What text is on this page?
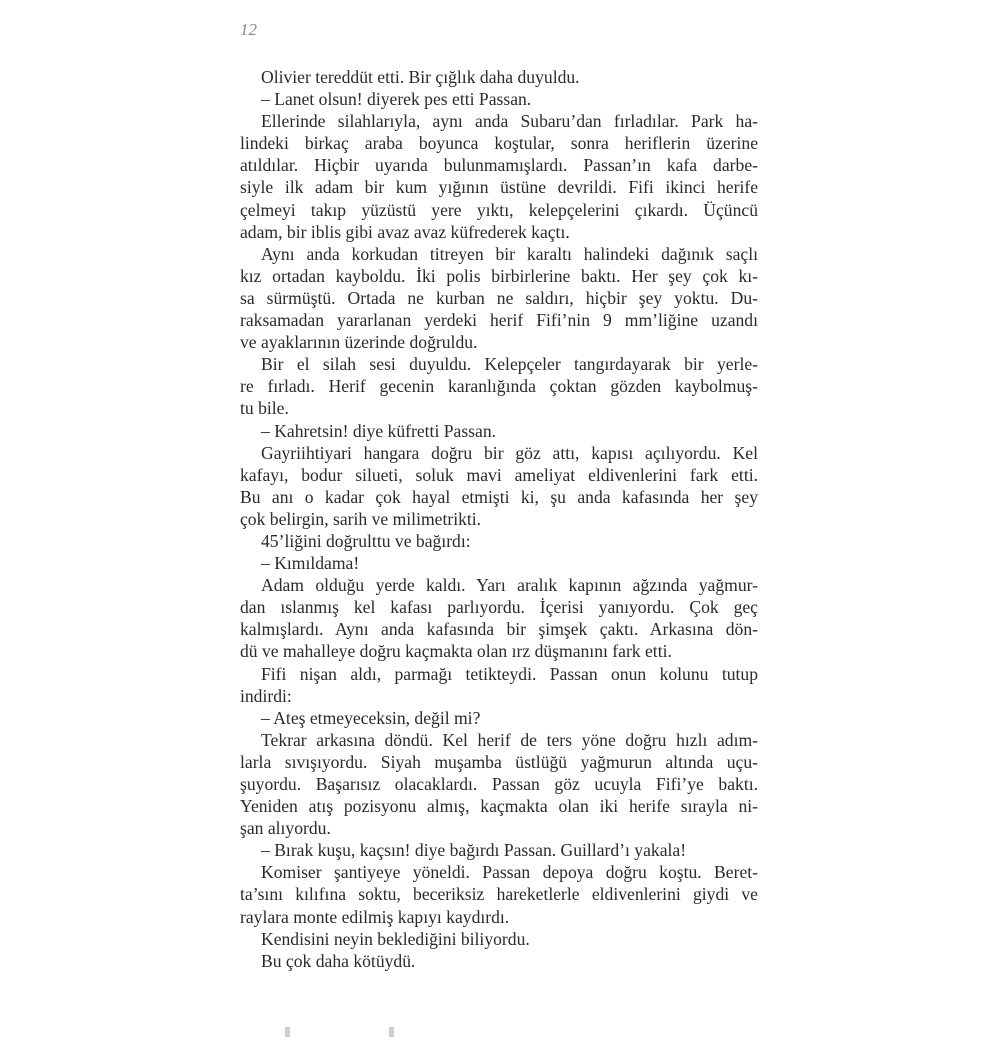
12
Olivier tereddüt etti. Bir çığlık daha duyuldu.
– Lanet olsun! diyerek pes etti Passan.
Ellerinde silahlarıyla, aynı anda Subaru’dan fırladılar. Park ha-
lindeki birkaç araba boyunca koştular, sonra heriflerin üzerine
atıldılar. Hiçbir uyarıda bulunmamışlardı. Passan’ın kafa darbe-
siyle ilk adam bir kum yığının üstüne devrildi. Fifi ikinci herife
çelmeyi takıp yüzüstü yere yıktı, kelepçelerini çıkardı. Üçüncü
adam, bir iblis gibi avaz avaz küfrederek kaçtı.
Aynı anda korkudan titreyen bir karaltı halindeki dağınık saçlı
kız ortadan kayboldu. İki polis birbirlerine baktı. Her şey çok kı-
sa sürmüştü. Ortada ne kurban ne saldırı, hiçbir şey yoktu. Du-
raksamadan yararlanan yerdeki herif Fifi’nin 9 mm’liğine uzandı
ve ayaklarının üzerinde doğruldu.
Bir el silah sesi duyuldu. Kelepçeler tangırdayarak bir yerle-
re fırladı. Herif gecenin karanlığında çoktan gözden kaybolmuş-
tu bile.
– Kahretsin! diye küfretti Passan.
Gayriihtiyari hangara doğru bir göz attı, kapısı açılıyordu. Kel
kafayı, bodur silueti, soluk mavi ameliyat eldivenlerini fark etti.
Bu anı o kadar çok hayal etmişti ki, şu anda kafasında her şey
çok belirgin, sarih ve milimetrikti.
45’liğini doğrulttu ve bağırdı:
– Kımıldama!
Adam olduğu yerde kaldı. Yarı aralık kapının ağzında yağmur-
dan ıslanmış kel kafası parlıyordu. İçerisi yanıyordu. Çok geç
kalmışlardı. Aynı anda kafasında bir şimşek çaktı. Arkasına dön-
dü ve mahalleye doğru kaçmakta olan ırz düşmanını fark etti.
Fifi nişan aldı, parmağı tetikteydi. Passan onun kolunu tutup
indirdi:
– Ateş etmeyeceksin, değil mi?
Tekrar arkasına döndü. Kel herif de ters yöne doğru hızlı adım-
larla sıvışıyordu. Siyah muşamba üstlüğü yağmurun altında uçu-
şuyordu. Başarısız olacaklardı. Passan göz ucuyla Fifi’ye baktı.
Yeniden atış pozisyonu almış, kaçmakta olan iki herife sırayla ni-
şan alıyordu.
– Bırak kuşu, kaçsın! diye bağırdı Passan. Guillard’ı yakala!
Komiser şantiyeye yöneldi. Passan depoya doğru koştu. Beret-
ta’sını kılıfına soktu, beceriksiz hareketlerle eldivenlerini giydi ve
raylara monte edilmiş kapıyı kaydırdı.
Kendisini neyin beklediğini biliyordu.
Bu çok daha kötüydü.
